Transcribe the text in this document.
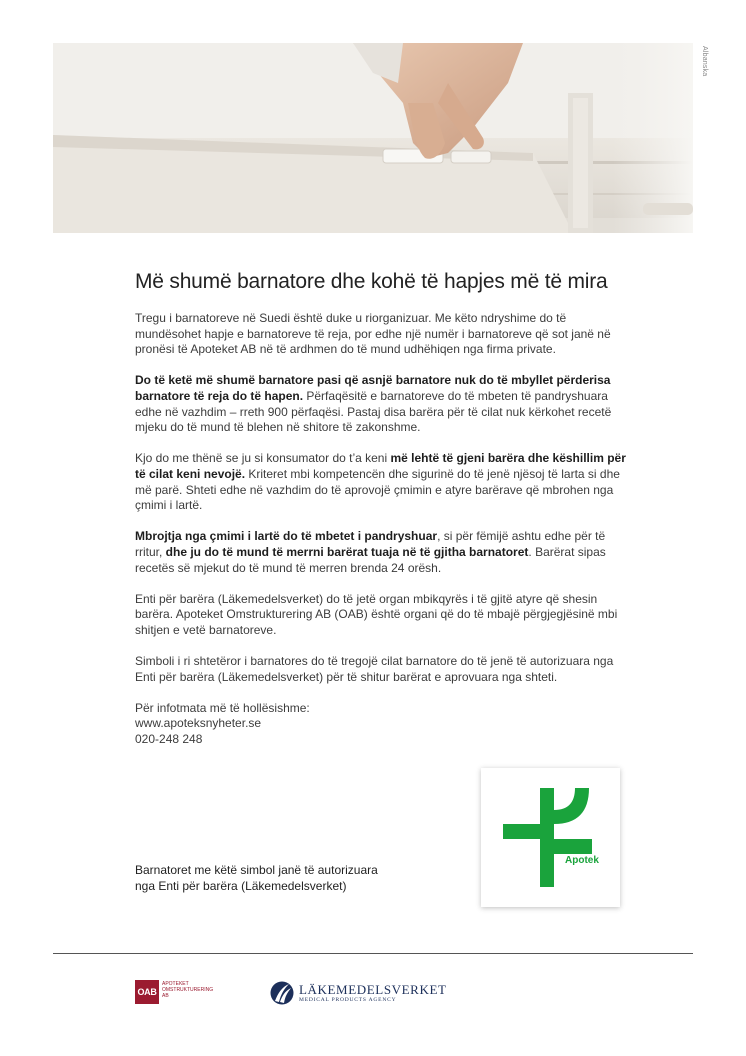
Albanska
Më shumë barnatore dhe kohë të hapjes më të mira

Tregu i barnatoreve në Suedi është duke u riorganizuar. Me këto ndryshime do të mundësohet hapje e barnatoreve të reja, por edhe një numër i barnatoreve që sot janë në pronësi të Apoteket AB në të ardhmen do të mund udhëhiqen nga firma private.

Do të ketë më shumë barnatore pasi që asnjë barnatore nuk do të mbyllet përderisa barnatore të reja do të hapen. Përfaqësitë e barnatoreve do të mbeten të pandryshuara edhe në vazhdim – rreth 900 përfaqësi. Pastaj disa barëra për të cilat nuk kërkohet recetë mjeku do të mund të blehen në shitore të zakonshme.

Kjo do me thënë se ju si konsumator do t’a keni më lehtë të gjeni barëra dhe këshillim për të cilat keni nevojë. Kriteret mbi kompetencën dhe sigurinë do të jenë njësoj të larta si dhe më parë. Shteti edhe në vazhdim do të aprovojë çmimin e atyre barërave që mbrohen nga çmimi i lartë.

Mbrojtja nga çmimi i lartë do të mbetet i pandryshuar, si për fëmijë ashtu edhe për të rritur, dhe ju do të mund të merrni barërat tuaja në të gjitha barnatoret. Barërat sipas recetës së mjekut do të mund të merren brenda 24 orësh.

Enti për barëra (Läkemedelsverket) do të jetë organ mbikqyrës i të gjitë atyre që shesin barëra. Apoteket Omstrukturering AB (OAB) është organi që do të mbajë përgjegjësinë mbi shitjen e vetë barnatoreve.

Simboli i ri shtetëror i barnatores do të tregojë cilat barnatore do të jenë të autorizuara nga Enti për barëra (Läkemedelsverket) për të shitur barërat e aprovuara nga shteti.

Për infotmata më të hollësishme:

www.apoteksnyheter.se

020-248 248

Apotek
Barnatoret me këtë simbol janë të autorizuara
nga Enti për barëra (Läkemedelsverket)
OAB
APOTEKET
OMSTRUKTURERING
AB	LÄKEMEDELSVERKET
MEDICAL PRODUCTS AGENCY
